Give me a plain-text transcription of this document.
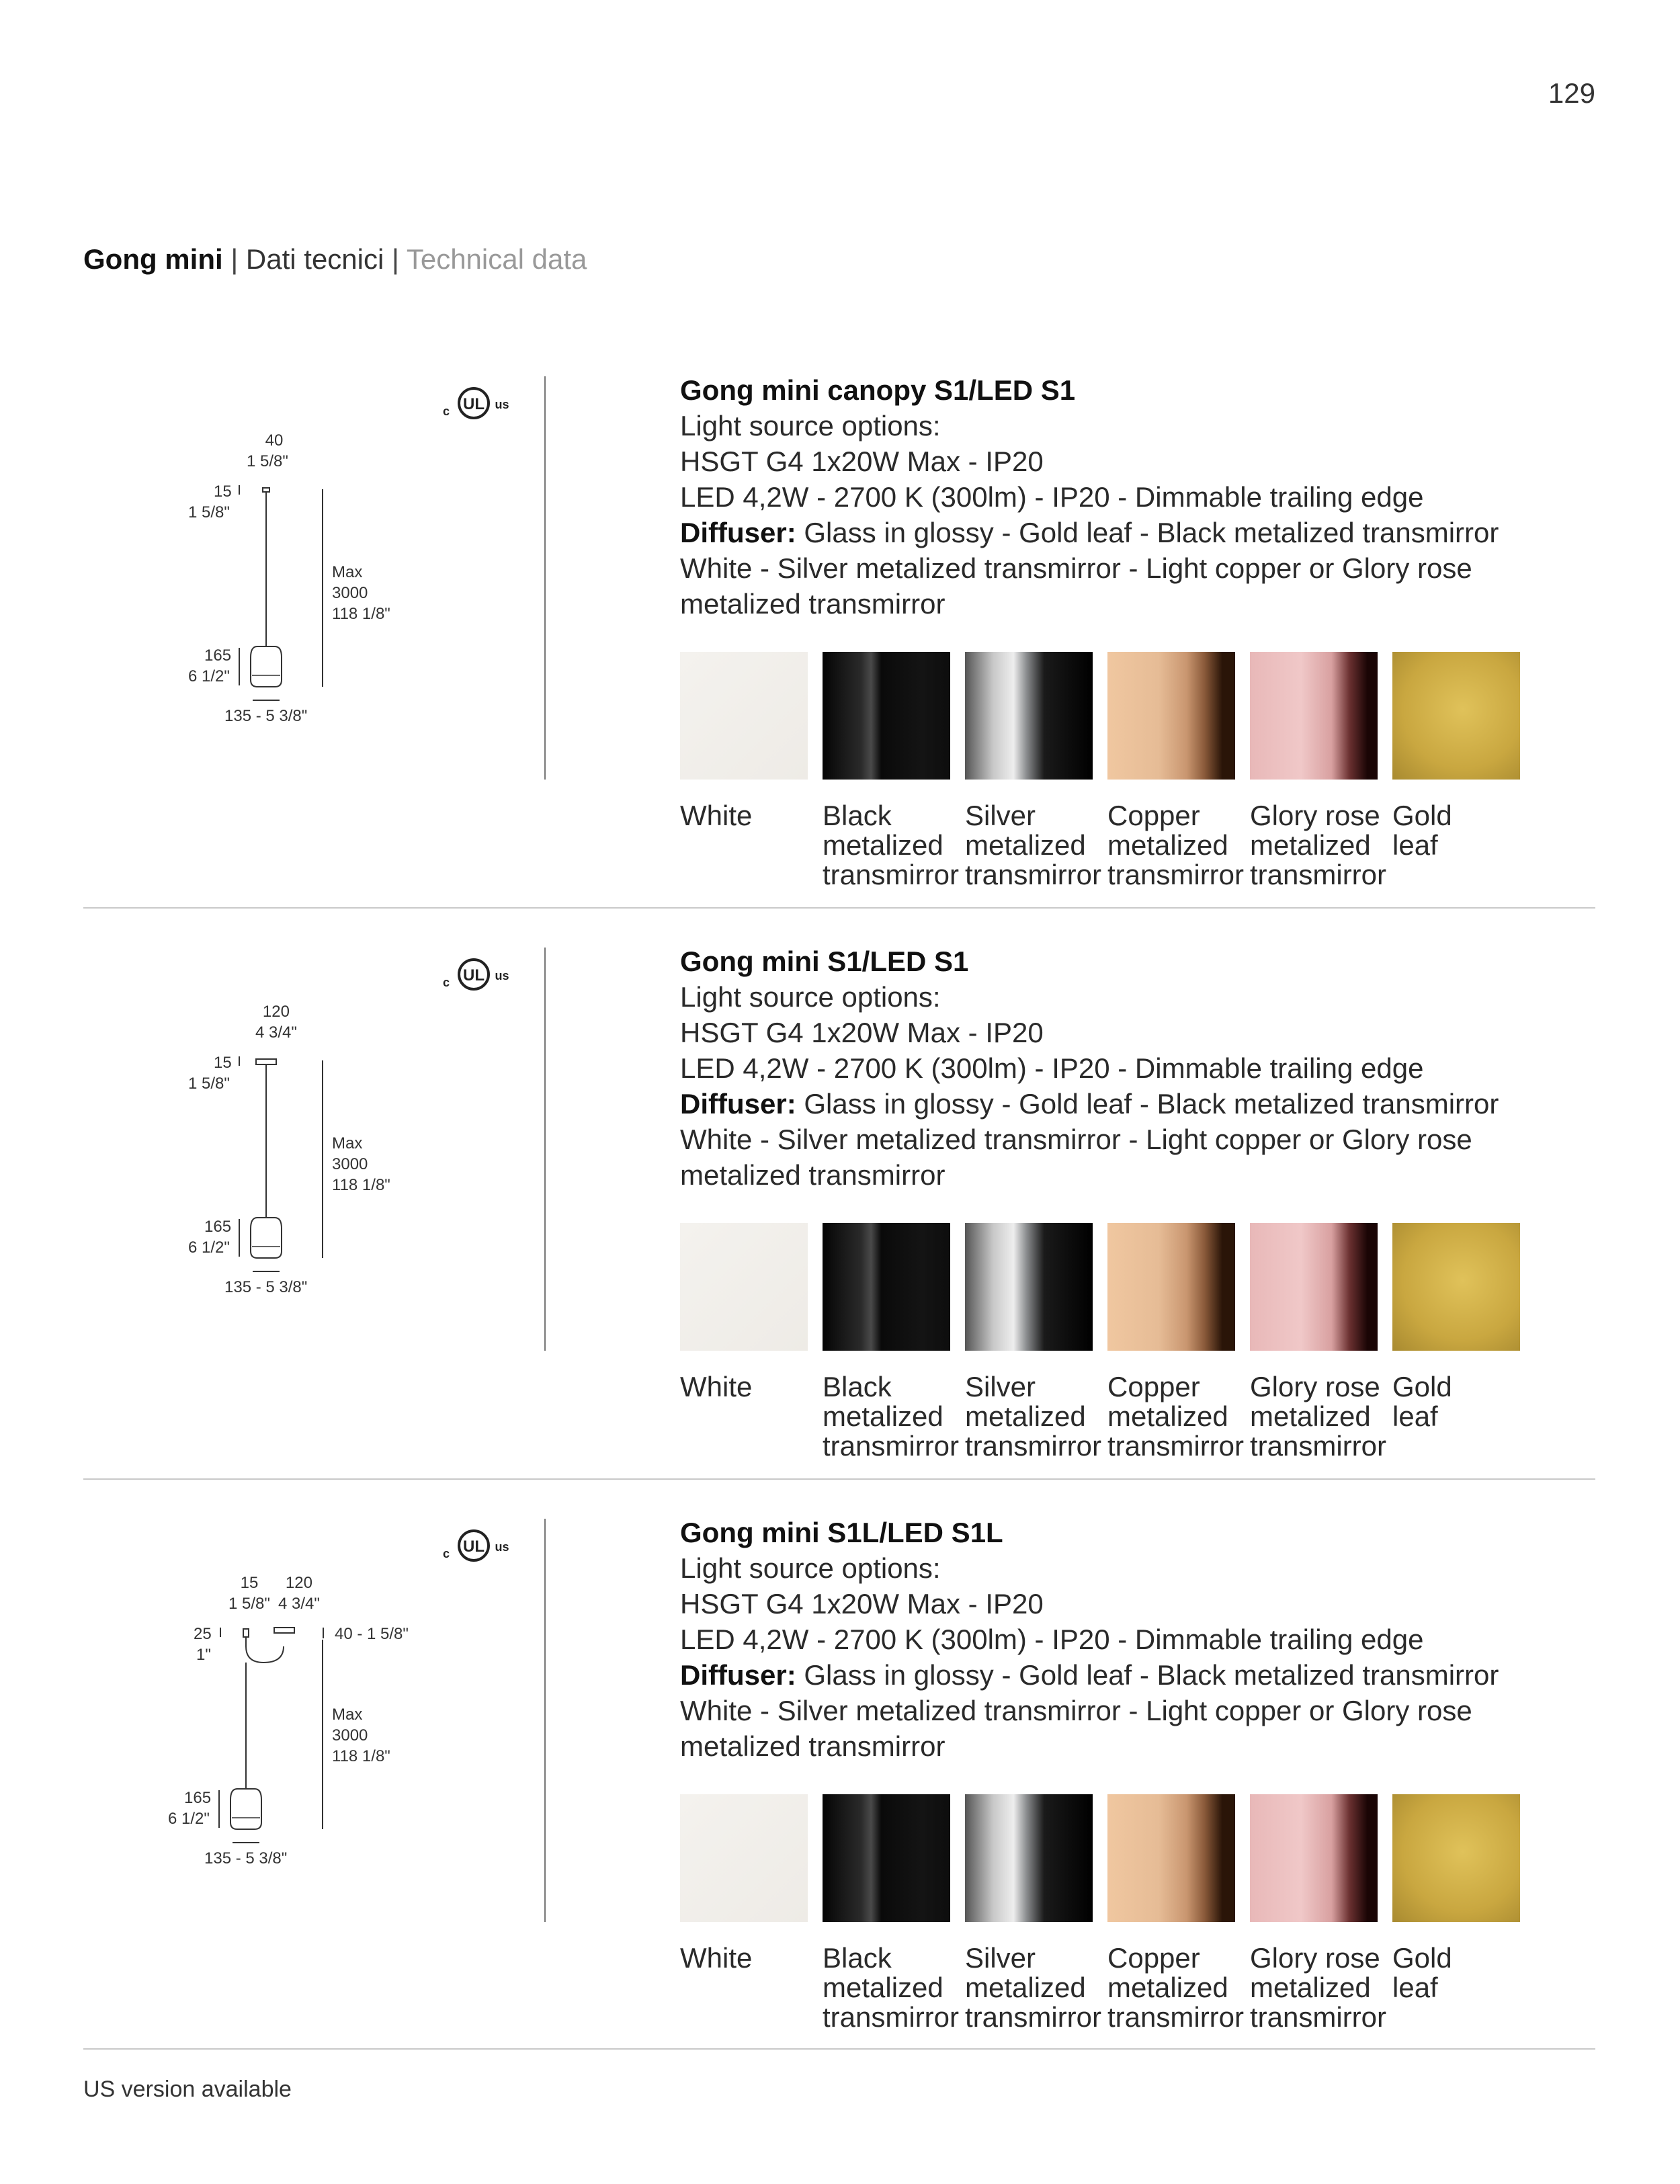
129
Gong mini | Dati tecnici | Technical data
40
1 5/8"
15
1 5/8"
Max
3000
118 1/8"
165
6 1/2"
135 - 5 3/8"
UL
c	us	Gong mini canopy S1/LED S1
Light source options:
HSGT G4 1x20W Max - IP20
LED 4,2W - 2700 K (300lm) - IP20 - Dimmable trailing edge
Diffuser: Glass in glossy - Gold leaf - Black metalized transmirror
White - Silver metalized transmirror - Light copper or Glory rose
metalized transmirror
White	Black
metalized
transmirror
Silver
metalized
transmirror
Copper
metalized
transmirror
Glory rose
metalized
transmirror
Gold
leaf
120
4 3/4"
15
1 5/8"
Max
3000
118 1/8"
165
6 1/2"
135 - 5 3/8"
UL
c	us	Gong mini S1/LED S1
Light source options:
HSGT G4 1x20W Max - IP20
LED 4,2W - 2700 K (300lm) - IP20 - Dimmable trailing edge
Diffuser: Glass in glossy - Gold leaf - Black metalized transmirror
White - Silver metalized transmirror - Light copper or Glory rose
metalized transmirror
White	Black
metalized
transmirror
Silver
metalized
transmirror
Copper
metalized
transmirror
Glory rose
metalized
transmirror
Gold
leaf
15
1 5/8"
120
4 3/4"
25
1"
40 - 1 5/8"
Max
3000
118 1/8"
165
6 1/2"
135 - 5 3/8"
UL
c	us	Gong mini S1L/LED S1L
Light source options:
HSGT G4 1x20W Max - IP20
LED 4,2W - 2700 K (300lm) - IP20 - Dimmable trailing edge
Diffuser: Glass in glossy - Gold leaf - Black metalized transmirror
White - Silver metalized transmirror - Light copper or Glory rose
metalized transmirror
White	Black
metalized
transmirror
Silver
metalized
transmirror
Copper
metalized
transmirror
Glory rose
metalized
transmirror
Gold
leaf
US version available
